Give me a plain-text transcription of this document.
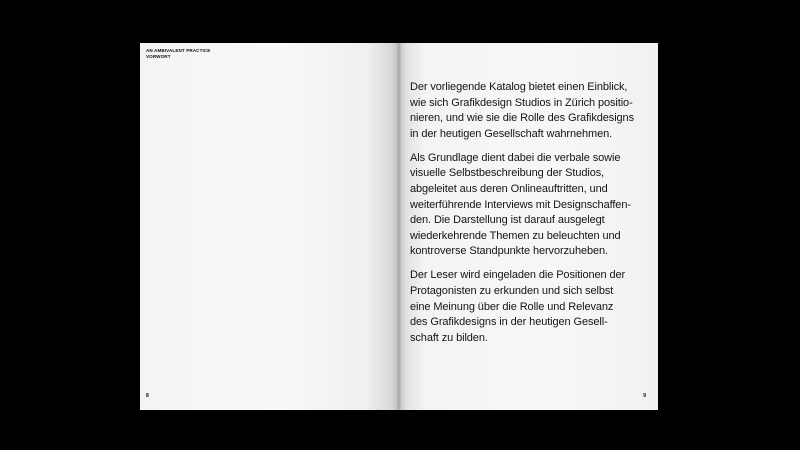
AN AMBIVALENT PRACTICE
VORWORT
8

Der vorliegende Katalog bietet einen Einblick,
wie sich Grafikdesign Studios in Zürich positio-
nieren, und wie sie die Rolle des Grafikdesigns
in der heutigen Gesellschaft wahrnehmen.

Als Grundlage dient dabei die verbale sowie
visuelle Selbstbeschreibung der Studios,
abgeleitet aus deren Onlineauftritten, und
weiterführende Interviews mit Designschaffen-
den. Die Darstellung ist darauf ausgelegt
wiederkehrende Themen zu beleuchten und
kontroverse Standpunkte hervorzuheben.

Der Leser wird eingeladen die Positionen der
Protagonisten zu erkunden und sich selbst
eine Meinung über die Rolle und Relevanz
des Grafikdesigns in der heutigen Gesell-
schaft zu bilden.

9
